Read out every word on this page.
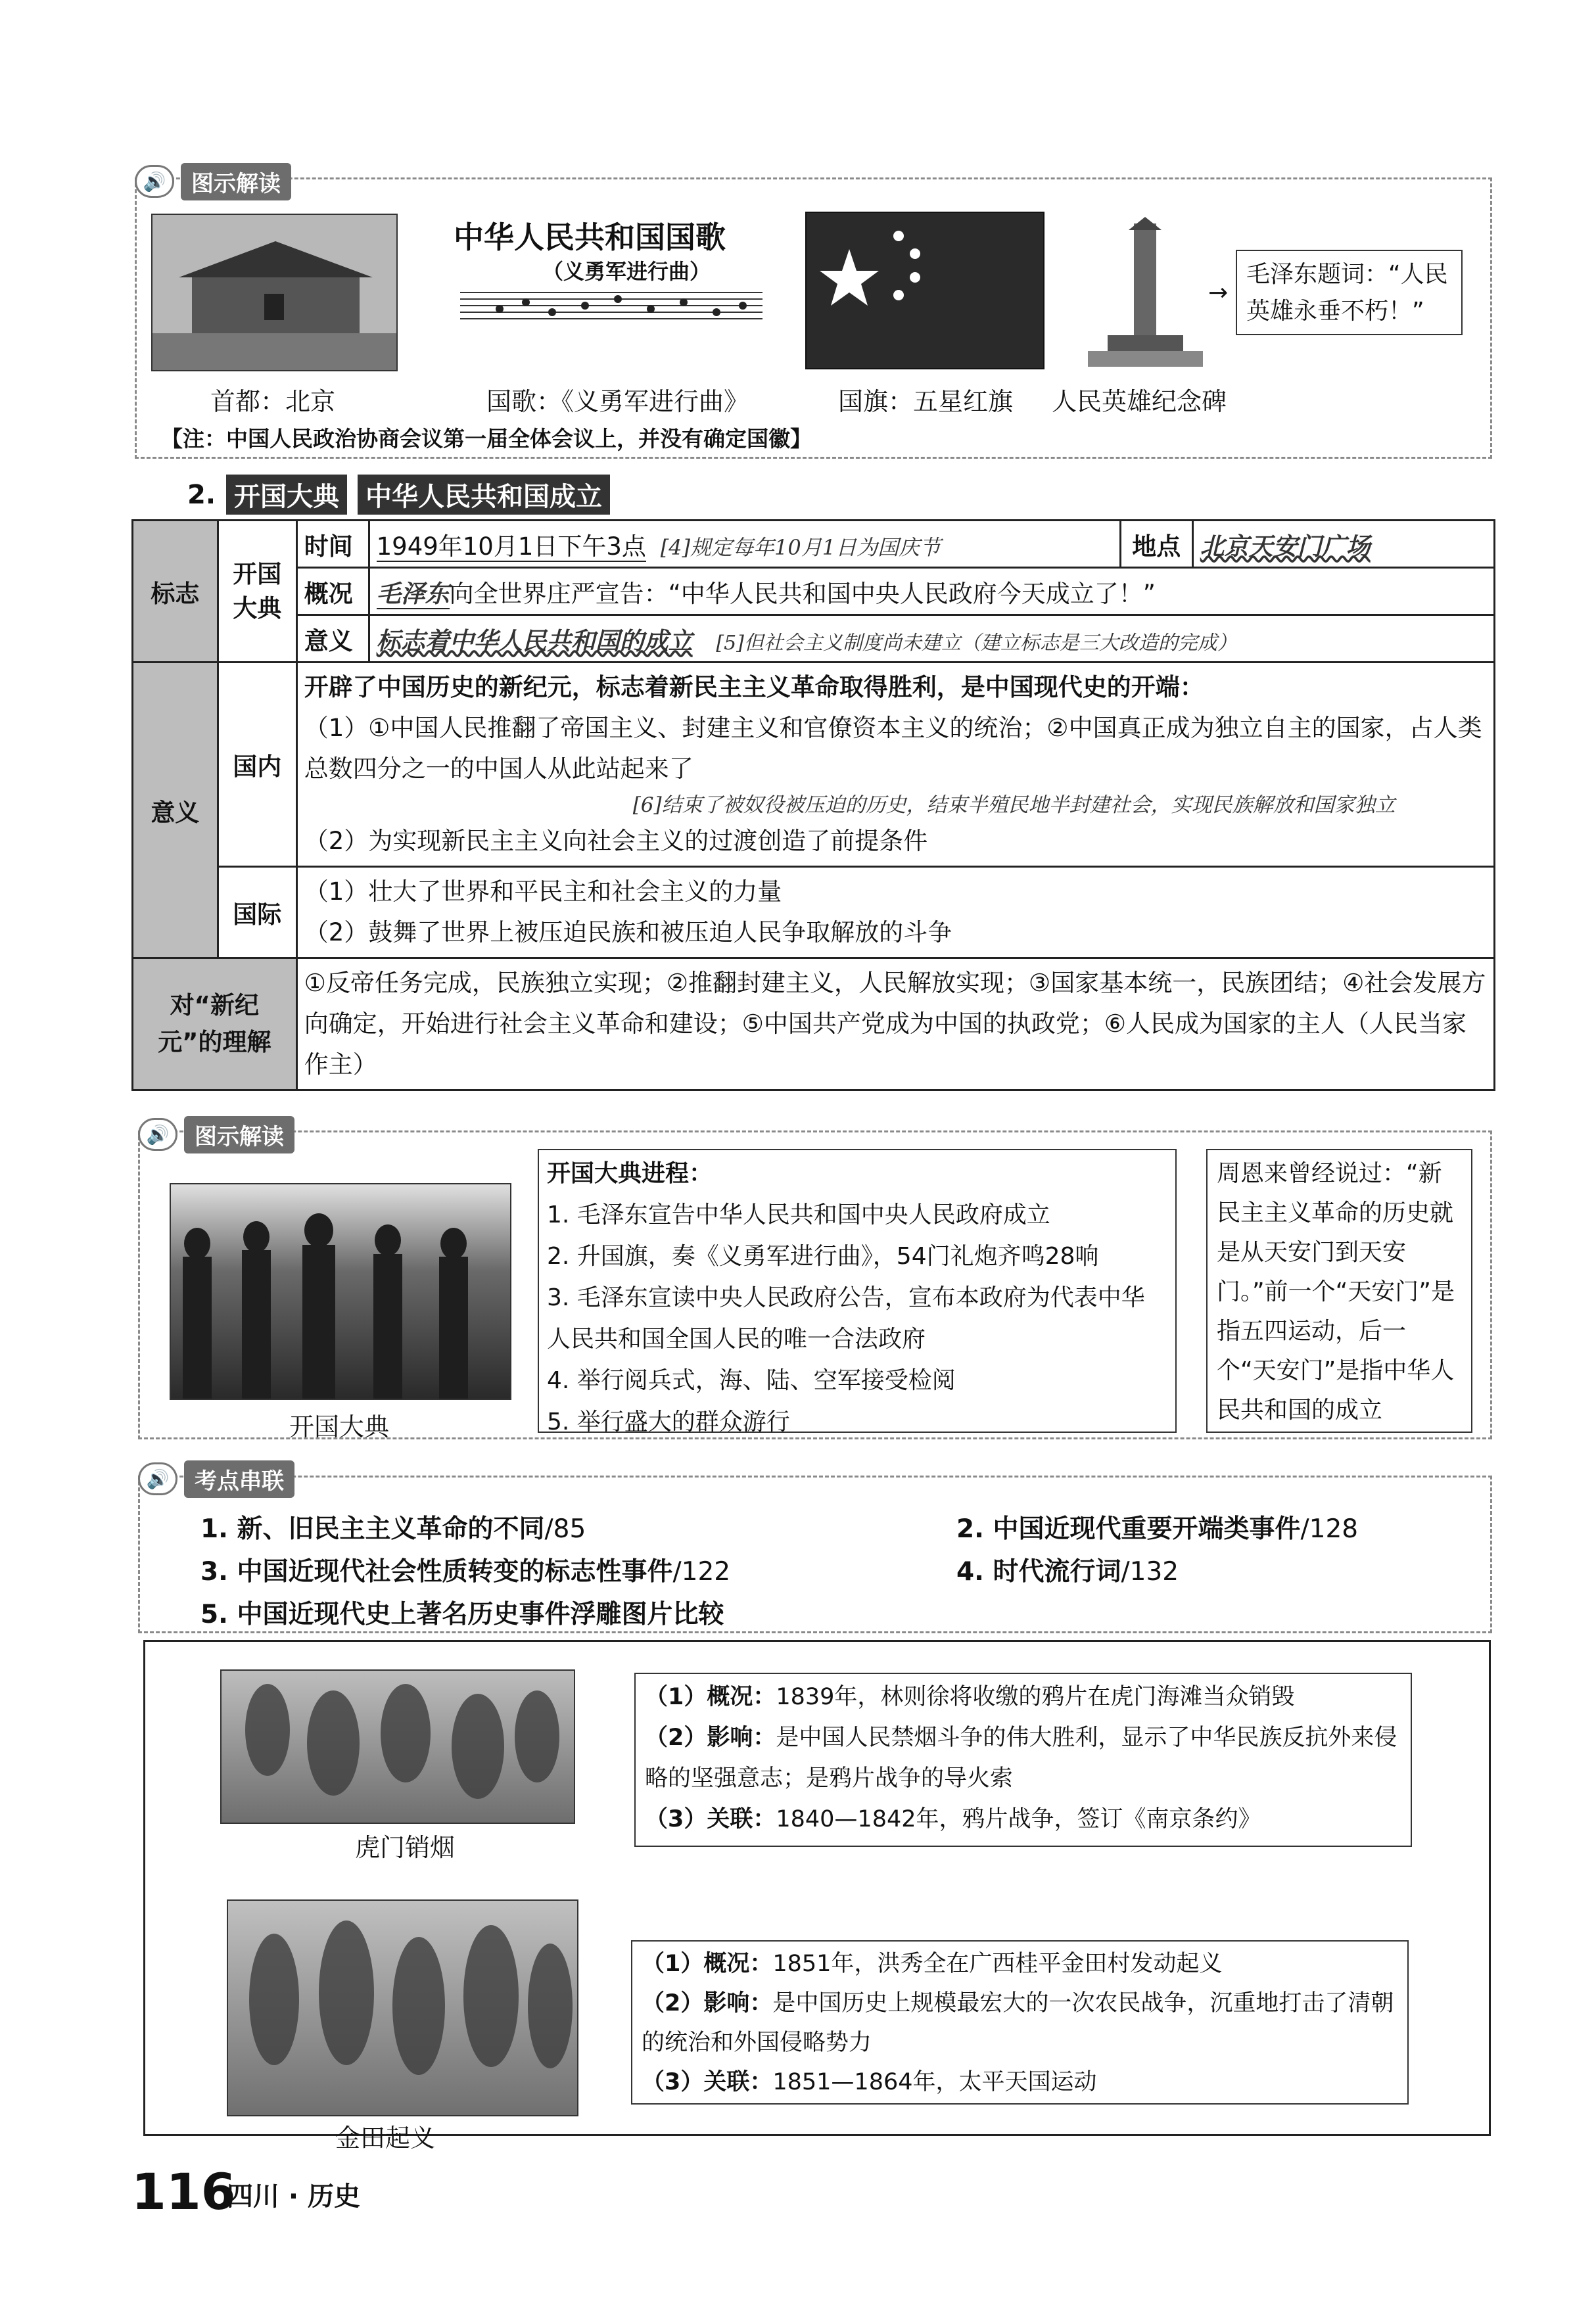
🔊	图示解读
中华人民共和国国歌
（义勇军进行曲）
→
毛泽东题词：“人民英雄永垂不朽！”
首都：北京	国歌：《义勇军进行曲》	国旗：五星红旗 人民英雄纪念碑
【注：中国人民政治协商会议第一届全体会议上，并没有确定国徽】
2. 开国大典	中华人民共和国成立
标志	开国大典	时间	1949年10月1日下午3点 [4]规定每年10月1日为国庆节	地点	北京天安门广场
		概况	毛泽东向全世界庄严宣告：“中华人民共和国中央人民政府今天成立了！”		
		意义	标志着中华人民共和国的成立 [5]但社会主义制度尚未建立（建立标志是三大改造的完成）		
意义	国内	开辟了中国历史的新纪元，标志着新民主主义革命取得胜利，是中国现代史的开端：
（1）①中国人民推翻了帝国主义、封建主义和官僚资本主义的统治；②中国真正成为独立自主的国家，占人类总数四分之一的中国人从此站起来了
[6]结束了被奴役被压迫的历史，结束半殖民地半封建社会，实现民族解放和国家独立
（2）为实现新民主主义向社会主义的过渡创造了前提条件			

	国际	（1）壮大了世界和平民主和社会主义的力量
（2）鼓舞了世界上被压迫民族和被压迫人民争取解放的斗争			

对“新纪元”的理解		①反帝任务完成，民族独立实现；②推翻封建主义，人民解放实现；③国家基本统一，民族团结；④社会发展方向确定，开始进行社会主义革命和建设；⑤中国共产党成为中国的执政党；⑥人民成为国家的主人（人民当家作主）			
🔊	图示解读
开国大典
开国大典进程：
1. 毛泽东宣告中华人民共和国中央人民政府成立
2. 升国旗，奏《义勇军进行曲》，54门礼炮齐鸣28响
3. 毛泽东宣读中央人民政府公告，宣布本政府为代表中华人民共和国全国人民的唯一合法政府
4. 举行阅兵式，海、陆、空军接受检阅
5. 举行盛大的群众游行
周恩来曾经说过：“新民主主义革命的历史就是从天安门到天安门。”前一个“天安门”是指五四运动，后一个“天安门”是指中华人民共和国的成立
🔊	考点串联
1. 新、旧民主主义革命的不同/85	2. 中国近现代重要开端类事件/128
3. 中国近现代社会性质转变的标志性事件/122	4. 时代流行词/132
5. 中国近现代史上著名历史事件浮雕图片比较
虎门销烟
（1）概况：1839年，林则徐将收缴的鸦片在虎门海滩当众销毁
（2）影响：是中国人民禁烟斗争的伟大胜利，显示了中华民族反抗外来侵略的坚强意志；是鸦片战争的导火索
（3）关联：1840—1842年，鸦片战争，签订《南京条约》
金田起义
（1）概况：1851年，洪秀全在广西桂平金田村发动起义
（2）影响：是中国历史上规模最宏大的一次农民战争，沉重地打击了清朝的统治和外国侵略势力
（3）关联：1851—1864年，太平天国运动
116
四川 · 历史
